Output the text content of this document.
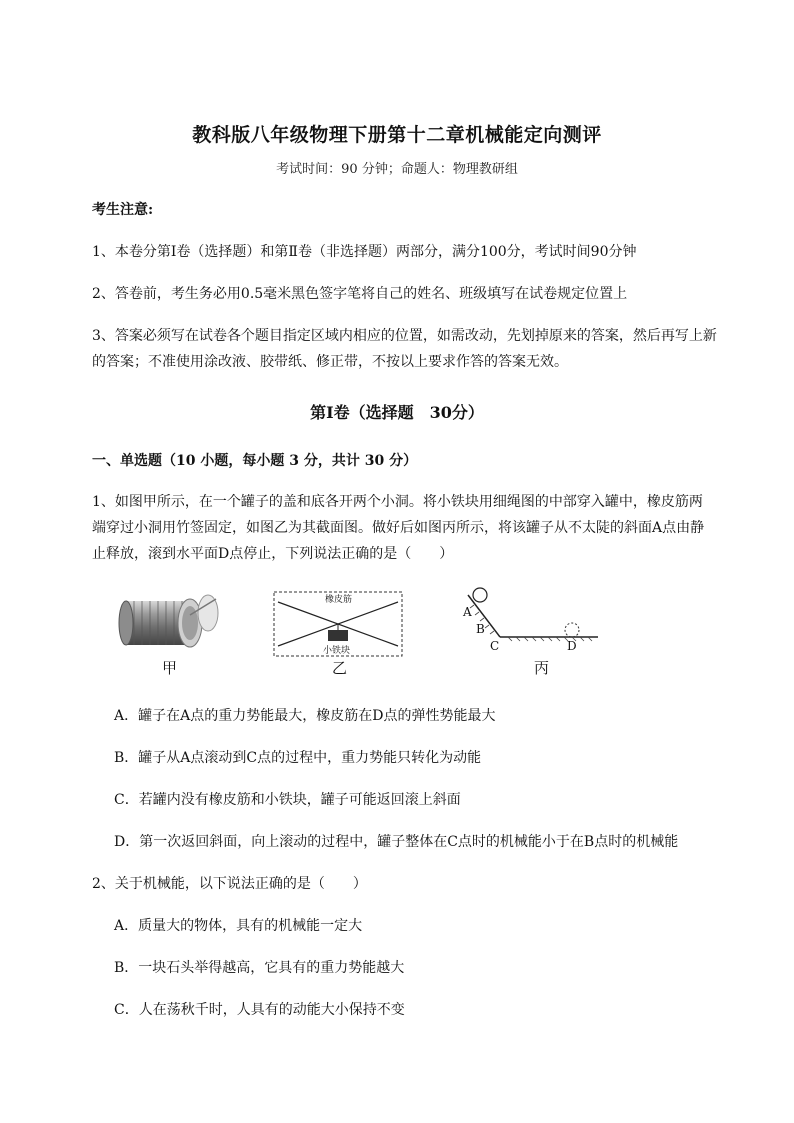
教科版八年级物理下册第十二章机械能定向测评
考试时间：90 分钟；命题人：物理教研组
考生注意:
1、本卷分第Ⅰ卷（选择题）和第Ⅱ卷（非选择题）两部分，满分100分，考试时间90分钟
2、答卷前，考生务必用0.5毫米黑色签字笔将自己的姓名、班级填写在试卷规定位置上
3、答案必须写在试卷各个题目指定区域内相应的位置，如需改动，先划掉原来的答案，然后再写上新
的答案；不准使用涂改液、胶带纸、修正带，不按以上要求作答的答案无效。
第Ⅰ卷（选择题　30分）
一、单选题（10 小题，每小题 3 分，共计 30 分）
1、如图甲所示，在一个罐子的盖和底各开两个小洞。将小铁块用细绳图的中部穿入罐中，橡皮筋两
端穿过小洞用竹签固定，如图乙为其截面图。做好后如图丙所示，将该罐子从不太陡的斜面A点由静
止释放，滚到水平面D点停止，下列说法正确的是（　　）
甲
橡皮筋
小铁块
乙
A
B
C	D
丙
A．罐子在A点的重力势能最大，橡皮筋在D点的弹性势能最大
B．罐子从A点滚动到C点的过程中，重力势能只转化为动能
C．若罐内没有橡皮筋和小铁块，罐子可能返回滚上斜面
D．第一次返回斜面，向上滚动的过程中，罐子整体在C点时的机械能小于在B点时的机械能
2、关于机械能，以下说法正确的是（　　）
A．质量大的物体，具有的机械能一定大
B．一块石头举得越高，它具有的重力势能越大
C．人在荡秋千时，人具有的动能大小保持不变
